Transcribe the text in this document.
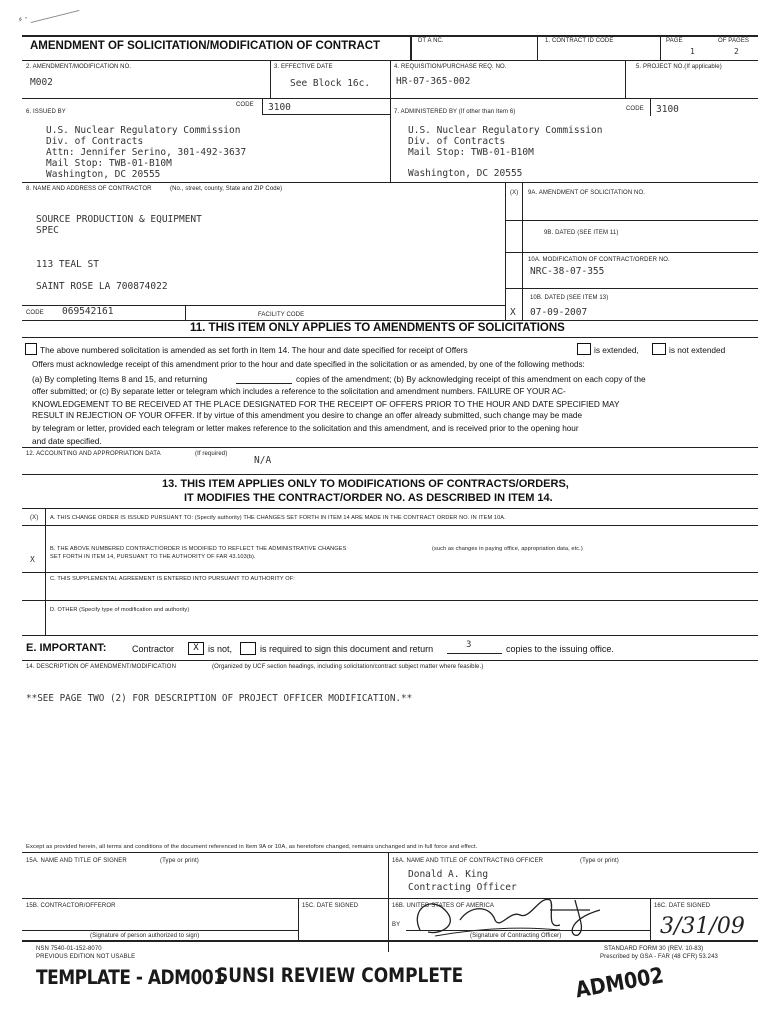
⸗ ⸳
AMENDMENT OF SOLICITATION/MODIFICATION OF CONTRACT	DT A NC.	1. CONTRACT ID CODE	PAGE	OF PAGES
1	2
2. AMENDMENT/MODIFICATION NO.
M002
3. EFFECTIVE DATE
See Block 16c.
4. REQUISITION/PURCHASE REQ. NO.
HR-07-365-002
5. PROJECT NO.(If applicable)
6. ISSUED BY
CODE 3100
U.S. Nuclear Regulatory Commission
Div. of Contracts
Attn: Jennifer Serino, 301-492-3637
Mail Stop: TWB-01-B10M
Washington, DC 20555
7. ADMINISTERED BY (If other than Item 6)	CODE 3100
U.S. Nuclear Regulatory Commission
Div. of Contracts
Mail Stop: TWB-01-B10M
Washington, DC 20555
8. NAME AND ADDRESS OF CONTRACTOR	(No., street, county, State and ZIP Code)
SOURCE PRODUCTION & EQUIPMENT
SPEC
113 TEAL ST
SAINT ROSE LA 700874022
(X) 9A. AMENDMENT OF SOLICITATION NO.
9B. DATED (SEE ITEM 11)
10A. MODIFICATION OF CONTRACT/ORDER NO.
NRC-38-07-355
10B. DATED (SEE ITEM 13)
X 07-09-2007
CODE 069542161	FACILITY CODE
11. THIS ITEM ONLY APPLIES TO AMENDMENTS OF SOLICITATIONS
The above numbered solicitation is amended as set forth in Item 14. The hour and date specified for receipt of Offers	is extended,	is not extended
Offers must acknowledge receipt of this amendment prior to the hour and date specified in the solicitation or as amended, by one of the following methods:
(a) By completing Items 8 and 15, and returning	copies of the amendment; (b) By acknowledging receipt of this amendment on each copy of the
offer submitted; or (c) By separate letter or telegram which includes a reference to the solicitation and amendment numbers. FAILURE OF YOUR AC-
KNOWLEDGEMENT TO BE RECEIVED AT THE PLACE DESIGNATED FOR THE RECEIPT OF OFFERS PRIOR TO THE HOUR AND DATE SPECIFIED MAY
RESULT IN REJECTION OF YOUR OFFER. If by virtue of this amendment you desire to change an offer already submitted, such change may be made
by telegram or letter, provided each telegram or letter makes reference to the solicitation and this amendment, and is received prior to the opening hour
and date specified.
12. ACCOUNTING AND APPROPRIATION DATA	(If required)
N/A
13. THIS ITEM APPLIES ONLY TO MODIFICATIONS OF CONTRACTS/ORDERS,
IT MODIFIES THE CONTRACT/ORDER NO. AS DESCRIBED IN ITEM 14.
(X) A. THIS CHANGE ORDER IS ISSUED PURSUANT TO: (Specify authority) THE CHANGES SET FORTH IN ITEM 14 ARE MADE IN THE CONTRACT ORDER NO. IN ITEM 10A.
B. THE ABOVE NUMBERED CONTRACT/ORDER IS MODIFIED TO REFLECT THE ADMINISTRATIVE CHANGES	(such as changes in paying office, appropriation data, etc.)
SET FORTH IN ITEM 14, PURSUANT TO THE AUTHORITY OF FAR 43.103(b).
X
C. THIS SUPPLEMENTAL AGREEMENT IS ENTERED INTO PURSUANT TO AUTHORITY OF:
D. OTHER (Specify type of modification and authority)
E. IMPORTANT:	Contractor	X	is not,	is required to sign this document and return	3	copies to the issuing office.
14. DESCRIPTION OF AMENDMENT/MODIFICATION	(Organized by UCF section headings, including solicitation/contract subject matter where feasible.)
**SEE PAGE TWO (2) FOR DESCRIPTION OF PROJECT OFFICER MODIFICATION.**
Except as provided herein, all terms and conditions of the document referenced in Item 9A or 10A, as heretofore changed, remains unchanged and in full force and effect.
15A. NAME AND TITLE OF SIGNER	(Type or print)	16A. NAME AND TITLE OF CONTRACTING OFFICER	(Type or print)
Donald A. King
Contracting Officer
15B. CONTRACTOR/OFFEROR	15C. DATE SIGNED	16B. UNITED STATES OF AMERICA	16C. DATE SIGNED
(Signature of person authorized to sign)
BY
(Signature of Contracting Officer)	3/31/09
NSN 7540-01-152-8070
PREVIOUS EDITION NOT USABLE
STANDARD FORM 30 (REV. 10-83)
Prescribed by GSA - FAR (48 CFR) 53.243
TEMPLATE - ADM001
SUNSI REVIEW COMPLETE	ADM002
